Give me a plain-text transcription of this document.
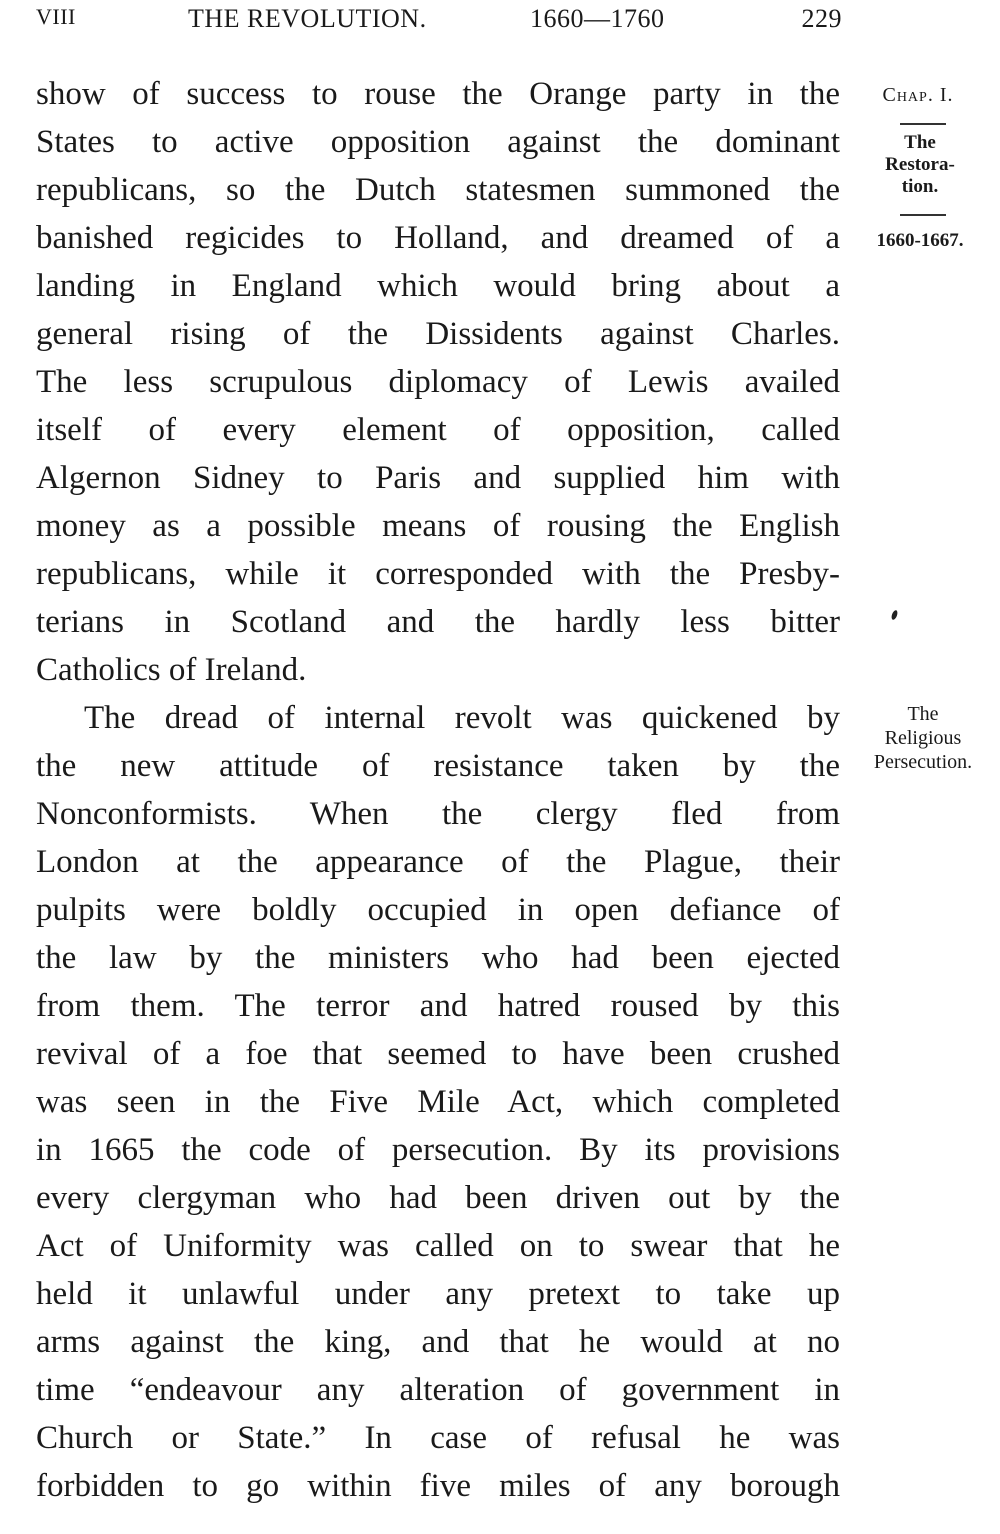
VIII	THE REVOLUTION.	1660—1760	229
show of success to rouse the Orange party in the
States to active opposition against the dominant
republicans, so the Dutch statesmen summoned the
banished regicides to Holland, and dreamed of a
landing in England which would bring about a
general rising of the Dissidents against Charles.
The less scrupulous diplomacy of Lewis availed
itself of every element of opposition, called
Algernon Sidney to Paris and supplied him with
money as a possible means of rousing the English
republicans, while it corresponded with the Presby-
terians in Scotland and the hardly less bitter
Catholics of Ireland.
The dread of internal revolt was quickened by
the new attitude of resistance taken by the
Nonconformists. When the clergy fled from
London at the appearance of the Plague, their
pulpits were boldly occupied in open defiance of
the law by the ministers who had been ejected
from them. The terror and hatred roused by this
revival of a foe that seemed to have been crushed
was seen in the Five Mile Act, which completed
in 1665 the code of persecution. By its provisions
every clergyman who had been driven out by the
Act of Uniformity was called on to swear that he
held it unlawful under any pretext to take up
arms against the king, and that he would at no
time “endeavour any alteration of government in
Church or State.” In case of refusal he was
forbidden to go within five miles of any borough
Chap. I.
The
Restora-
tion.
1660-1667.
The
Religious
Persecution.
